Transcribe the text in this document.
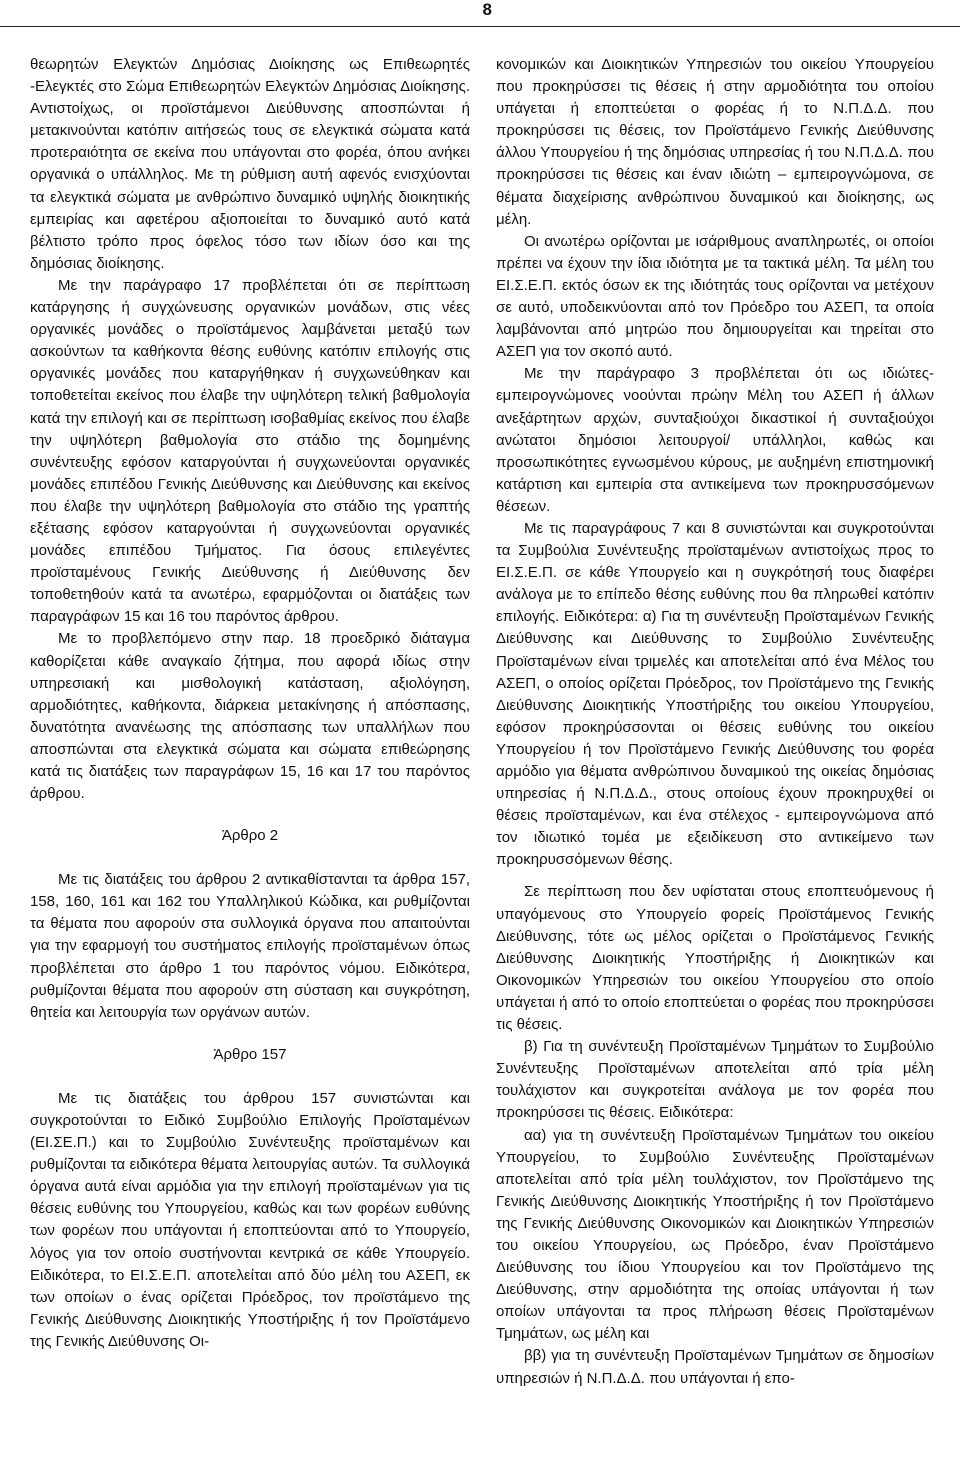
8

θεωρητών Ελεγκτών Δημόσιας Διοίκησης ως Επιθεωρητές -Ελεγκτές στο Σώμα Επιθεωρητών Ελεγκτών Δημόσιας Διοίκησης. Αντιστοίχως, οι προϊστάμενοι Διεύθυνσης αποσπώνται ή μετακινούνται κατόπιν αιτήσεώς τους σε ελεγκτικά σώματα κατά προτεραιότητα σε εκείνα που υπάγονται στο φορέα, όπου ανήκει οργανικά ο υπάλληλος. Με τη ρύθμιση αυτή αφενός ενισχύονται τα ελεγκτικά σώματα με ανθρώπινο δυναμικό υψηλής διοικητικής εμπειρίας και αφετέρου αξιοποιείται το δυναμικό αυτό κατά βέλτιστο τρόπο προς όφελος τόσο των ιδίων όσο και της δημόσιας διοίκησης.

Με την παράγραφο 17 προβλέπεται ότι σε περίπτωση κατάργησης ή συγχώνευσης οργανικών μονάδων, στις νέες οργανικές μονάδες ο προϊστάμενος λαμβάνεται μεταξύ των ασκούντων τα καθήκοντα θέσης ευθύνης κατόπιν επιλογής στις οργανικές μονάδες που καταργήθηκαν ή συγχωνεύθηκαν και τοποθετείται εκείνος που έλαβε την υψηλότερη τελική βαθμολογία κατά την επιλογή και σε περίπτωση ισοβαθμίας εκείνος που έλαβε την υψηλότερη βαθμολογία στο στάδιο της δομημένης συνέντευξης εφόσον καταργούνται ή συγχωνεύονται οργανικές μονάδες επιπέδου Γενικής Διεύθυνσης και Διεύθυνσης και εκείνος που έλαβε την υψηλότερη βαθμολογία στο στάδιο της γραπτής εξέτασης εφόσον καταργούνται ή συγχωνεύονται οργανικές μονάδες επιπέδου Τμήματος. Για όσους επιλεγέντες προϊσταμένους Γενικής Διεύθυνσης ή Διεύθυνσης δεν τοποθετηθούν κατά τα ανωτέρω, εφαρμόζονται οι διατάξεις των παραγράφων 15 και 16 του παρόντος άρθρου.

Με το προβλεπόμενο στην παρ. 18 προεδρικό διάταγμα καθορίζεται κάθε αναγκαίο ζήτημα, που αφορά ιδίως στην υπηρεσιακή και μισθολογική κατάσταση, αξιολόγηση, αρμοδιότητες, καθήκοντα, διάρκεια μετακίνησης ή απόσπασης, δυνατότητα ανανέωσης της απόσπασης των υπαλλήλων που αποσπώνται στα ελεγκτικά σώματα και σώματα επιθεώρησης κατά τις διατάξεις των παραγράφων 15, 16 και 17 του παρόντος άρθρου.

Άρθρο 2

Με τις διατάξεις του άρθρου 2 αντικαθίστανται τα άρθρα 157, 158, 160, 161 και 162 του Υπαλληλικού Κώδικα, και ρυθμίζονται τα θέματα που αφορούν στα συλλογικά όργανα που απαιτούνται για την εφαρμογή του συστήματος επιλογής προϊσταμένων όπως προβλέπεται στο άρθρο 1 του παρόντος νόμου. Ειδικότερα, ρυθμίζονται θέματα που αφορούν στη σύσταση και συγκρότηση, θητεία και λειτουργία των οργάνων αυτών.

Άρθρο 157

Με τις διατάξεις του άρθρου 157 συνιστώνται και συγκροτούνται το Ειδικό Συμβούλιο Επιλογής Προϊσταμένων (ΕΙ.ΣΕ.Π.) και το Συμβούλιο Συνέντευξης προϊσταμένων και ρυθμίζονται τα ειδικότερα θέματα λειτουργίας αυτών. Τα συλλογικά όργανα αυτά είναι αρμόδια για την επιλογή προϊσταμένων για τις θέσεις ευθύνης του Υπουργείου, καθώς και των φορέων ευθύνης των φορέων που υπάγονται ή εποπτεύονται από το Υπουργείο, λόγος για τον οποίο συστήνονται κεντρικά σε κάθε Υπουργείο. Ειδικότερα, το ΕΙ.Σ.Ε.Π. αποτελείται από δύο μέλη του ΑΣΕΠ, εκ των οποίων ο ένας ορίζεται Πρόεδρος, τον προϊστάμενο της Γενικής Διεύθυνσης Διοικητικής Υποστήριξης ή τον Προϊστάμενο της Γενικής Διεύθυνσης Οι-

κονομικών και Διοικητικών Υπηρεσιών του οικείου Υπουργείου που προκηρύσσει τις θέσεις ή στην αρμοδιότητα του οποίου υπάγεται ή εποπτεύεται ο φορέας ή το Ν.Π.Δ.Δ. που προκηρύσσει τις θέσεις, τον Προϊστάμενο Γενικής Διεύθυνσης άλλου Υπουργείου ή της δημόσιας υπηρεσίας ή του Ν.Π.Δ.Δ. που προκηρύσσει τις θέσεις και έναν ιδιώτη – εμπειρογνώμονα, σε θέματα διαχείρισης ανθρώπινου δυναμικού και διοίκησης, ως μέλη.

Οι ανωτέρω ορίζονται με ισάριθμους αναπληρωτές, οι οποίοι πρέπει να έχουν την ίδια ιδιότητα με τα τακτικά μέλη. Τα μέλη του ΕΙ.Σ.Ε.Π. εκτός όσων εκ της ιδιότητάς τους ορίζονται να μετέχουν σε αυτό, υποδεικνύονται από τον Πρόεδρο του ΑΣΕΠ, τα οποία λαμβάνονται από μητρώο που δημιουργείται και τηρείται στο ΑΣΕΠ για τον σκοπό αυτό.

Με την παράγραφο 3 προβλέπεται ότι ως ιδιώτες-εμπειρογνώμονες νοούνται πρώην Μέλη του ΑΣΕΠ ή άλλων ανεξάρτητων αρχών, συνταξιούχοι δικαστικοί ή συνταξιούχοι ανώτατοι δημόσιοι λειτουργοί/ υπάλληλοι, καθώς και προσωπικότητες εγνωσμένου κύρους, με αυξημένη επιστημονική κατάρτιση και εμπειρία στα αντικείμενα των προκηρυσσόμενων θέσεων.

Με τις παραγράφους 7 και 8 συνιστώνται και συγκροτούνται τα Συμβούλια Συνέντευξης προϊσταμένων αντιστοίχως προς το ΕΙ.Σ.Ε.Π. σε κάθε Υπουργείο και η συγκρότησή τους διαφέρει ανάλογα με το επίπεδο θέσης ευθύνης που θα πληρωθεί κατόπιν επιλογής. Ειδικότερα: α) Για τη συνέντευξη Προϊσταμένων Γενικής Διεύθυνσης και Διεύθυνσης το Συμβούλιο Συνέντευξης Προϊσταμένων είναι τριμελές και αποτελείται από ένα Μέλος του ΑΣΕΠ, ο οποίος ορίζεται Πρόεδρος, τον Προϊστάμενο της Γενικής Διεύθυνσης Διοικητικής Υποστήριξης του οικείου Υπουργείου, εφόσον προκηρύσσονται οι θέσεις ευθύνης του οικείου Υπουργείου ή τον Προϊστάμενο Γενικής Διεύθυνσης του φορέα αρμόδιο για θέματα ανθρώπινου δυναμικού της οικείας δημόσιας υπηρεσίας ή Ν.Π.Δ.Δ., στους οποίους έχουν προκηρυχθεί οι θέσεις προϊσταμένων, και ένα στέλεχος - εμπειρογνώμονα από τον ιδιωτικό τομέα με εξειδίκευση στο αντικείμενο των προκηρυσσόμενων θέσης.

Σε περίπτωση που δεν υφίσταται στους εποπτευόμενους ή υπαγόμενους στο Υπουργείο φορείς Προϊστάμενος Γενικής Διεύθυνσης, τότε ως μέλος ορίζεται ο Προϊστάμενος Γενικής Διεύθυνσης Διοικητικής Υποστήριξης ή Διοικητικών και Οικονομικών Υπηρεσιών του οικείου Υπουργείου στο οποίο υπάγεται ή από το οποίο εποπτεύεται ο φορέας που προκηρύσσει τις θέσεις.

β) Για τη συνέντευξη Προϊσταμένων Τμημάτων το Συμβούλιο Συνέντευξης Προϊσταμένων αποτελείται από τρία μέλη τουλάχιστον και συγκροτείται ανάλογα με τον φορέα που προκηρύσσει τις θέσεις. Ειδικότερα:

αα) για τη συνέντευξη Προϊσταμένων Τμημάτων του οικείου Υπουργείου, το Συμβούλιο Συνέντευξης Προϊσταμένων αποτελείται από τρία μέλη τουλάχιστον, τον Προϊστάμενο της Γενικής Διεύθυνσης Διοικητικής Υποστήριξης ή τον Προϊστάμενο της Γενικής Διεύθυνσης Οικονομικών και Διοικητικών Υπηρεσιών του οικείου Υπουργείου, ως Πρόεδρο, έναν Προϊστάμενο Διεύθυνσης του ίδιου Υπουργείου και τον Προϊστάμενο της Διεύθυνσης, στην αρμοδιότητα της οποίας υπάγονται ή των οποίων υπάγονται τα προς πλήρωση θέσεις Προϊσταμένων Τμημάτων, ως μέλη και

ββ) για τη συνέντευξη Προϊσταμένων Τμημάτων σε δημοσίων υπηρεσιών ή Ν.Π.Δ.Δ. που υπάγονται ή επο-
